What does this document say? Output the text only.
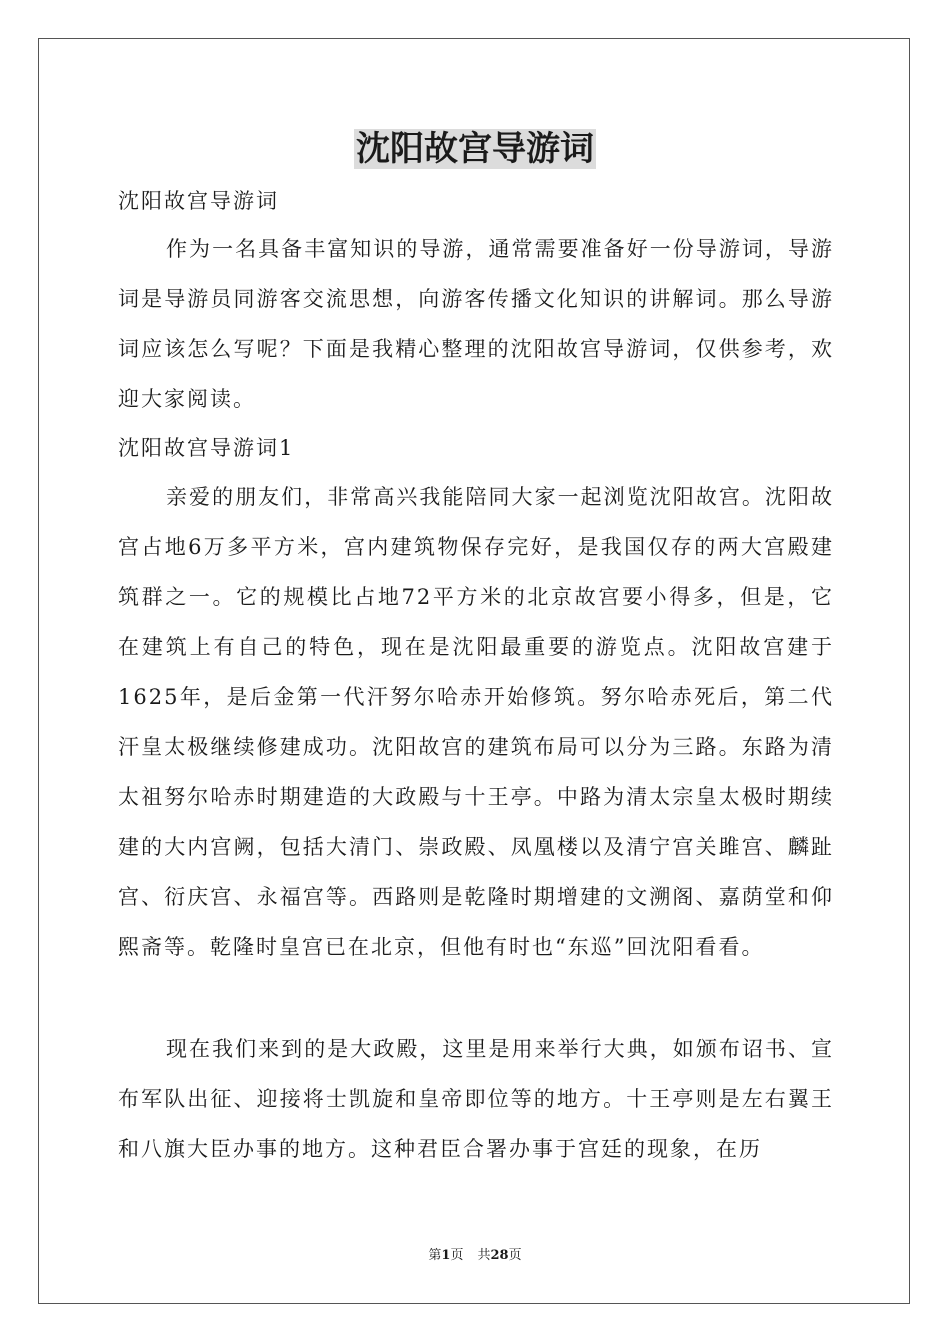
沈阳故宫导游词
沈阳故宫导游词

作为一名具备丰富知识的导游，通常需要准备好一份导游词，导游词是导游员同游客交流思想，向游客传播文化知识的讲解词。那么导游词应该怎么写呢？下面是我精心整理的沈阳故宫导游词，仅供参考，欢迎大家阅读。

沈阳故宫导游词1

亲爱的朋友们，非常高兴我能陪同大家一起浏览沈阳故宫。沈阳故宫占地6万多平方米，宫内建筑物保存完好，是我国仅存的两大宫殿建筑群之一。它的规模比占地72平方米的北京故宫要小得多，但是，它在建筑上有自己的特色，现在是沈阳最重要的游览点。沈阳故宫建于1625年，是后金第一代汗努尔哈赤开始修筑。努尔哈赤死后，第二代汗皇太极继续修建成功。沈阳故宫的建筑布局可以分为三路。东路为清太祖努尔哈赤时期建造的大政殿与十王亭。中路为清太宗皇太极时期续建的大内宫阙，包括大清门、崇政殿、凤凰楼以及清宁宫关雎宫、麟趾宫、衍庆宫、永福宫等。西路则是乾隆时期增建的文溯阁、嘉荫堂和仰熙斋等。乾隆时皇宫已在北京，但他有时也“东巡”回沈阳看看。

现在我们来到的是大政殿，这里是用来举行大典，如颁布诏书、宣布军队出征、迎接将士凯旋和皇帝即位等的地方。十王亭则是左右翼王和八旗大臣办事的地方。这种君臣合署办事于宫廷的现象，在历

第1页 共28页
